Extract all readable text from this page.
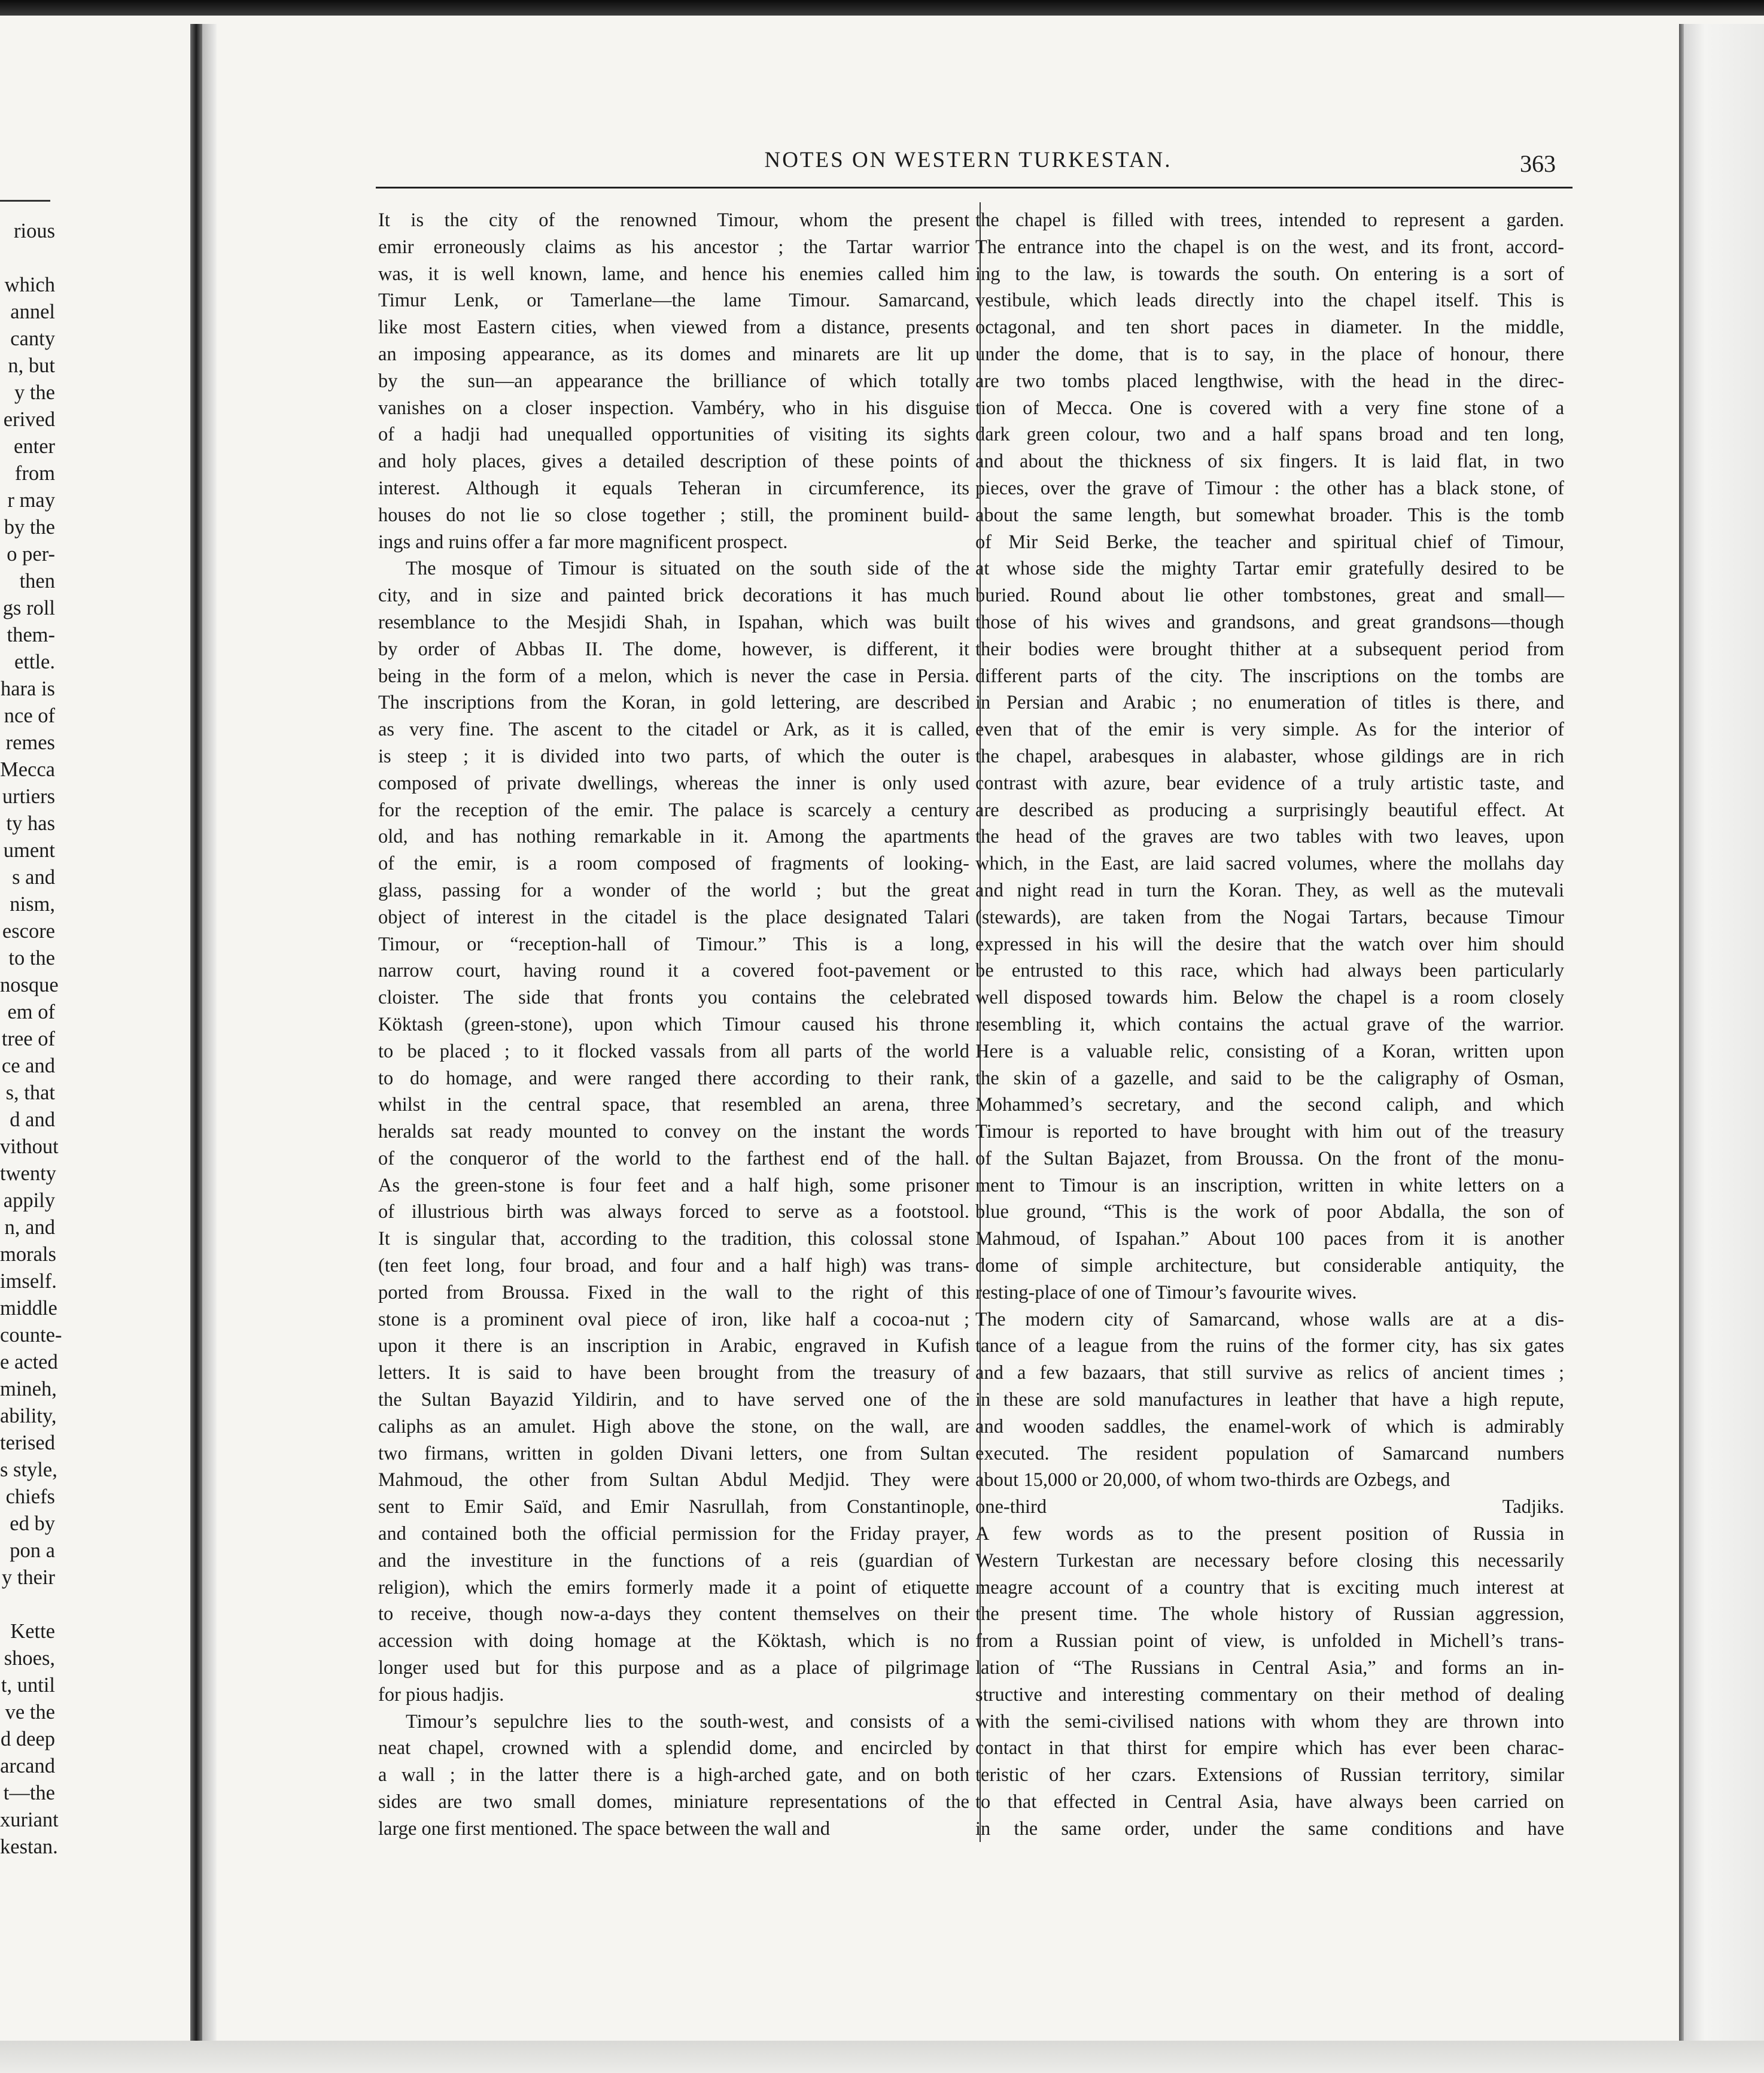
rious
which
annel
canty
n, but
y the
erived
enter
from
r may
by the
o per-
then
gs roll
them-
ettle.
hara is
nce of
remes
Mecca
urtiers
ty has
ument
s and
nism,
escore
to the
nosque
em of
tree of
ce and
s, that
d and
vithout
twenty
appily
n, and
morals
imself.
middle
counte-
e acted
mineh,
ability,
terised
s style,
chiefs
ed by
pon a
y their
Kette
shoes,
t, until
ve the
d deep
arcand
t—the
xuriant
kestan.
NOTES ON WESTERN TURKESTAN.	363
It is the city of the renowned Timour, whom the present
emir erroneously claims as his ancestor ; the Tartar warrior
was, it is well known, lame, and hence his enemies called him
Timur Lenk, or Tamerlane—the lame Timour. Samarcand,
like most Eastern cities, when viewed from a distance, presents
an imposing appearance, as its domes and minarets are lit up
by the sun—an appearance the brilliance of which totally
vanishes on a closer inspection. Vambéry, who in his disguise
of a hadji had unequalled opportunities of visiting its sights
and holy places, gives a detailed description of these points of
interest. Although it equals Teheran in circumference, its
houses do not lie so close together ; still, the prominent build-
ings and ruins offer a far more magnificent prospect.
The mosque of Timour is situated on the south side of the
city, and in size and painted brick decorations it has much
resemblance to the Mesjidi Shah, in Ispahan, which was built
by order of Abbas II. The dome, however, is different, it
being in the form of a melon, which is never the case in Persia.
The inscriptions from the Koran, in gold lettering, are described
as very fine. The ascent to the citadel or Ark, as it is called,
is steep ; it is divided into two parts, of which the outer is
composed of private dwellings, whereas the inner is only used
for the reception of the emir. The palace is scarcely a century
old, and has nothing remarkable in it. Among the apartments
of the emir, is a room composed of fragments of looking-
glass, passing for a wonder of the world ; but the great
object of interest in the citadel is the place designated Talari
Timour, or “reception-hall of Timour.” This is a long,
narrow court, having round it a covered foot-pavement or
cloister. The side that fronts you contains the celebrated
Köktash (green-stone), upon which Timour caused his throne
to be placed ; to it flocked vassals from all parts of the world
to do homage, and were ranged there according to their rank,
whilst in the central space, that resembled an arena, three
heralds sat ready mounted to convey on the instant the words
of the conqueror of the world to the farthest end of the hall.
As the green-stone is four feet and a half high, some prisoner
of illustrious birth was always forced to serve as a footstool.
It is singular that, according to the tradition, this colossal stone
(ten feet long, four broad, and four and a half high) was trans-
ported from Broussa. Fixed in the wall to the right of this
stone is a prominent oval piece of iron, like half a cocoa-nut ;
upon it there is an inscription in Arabic, engraved in Kufish
letters. It is said to have been brought from the treasury of
the Sultan Bayazid Yildirin, and to have served one of the
caliphs as an amulet. High above the stone, on the wall, are
two firmans, written in golden Divani letters, one from Sultan
Mahmoud, the other from Sultan Abdul Medjid. They were
sent to Emir Saïd, and Emir Nasrullah, from Constantinople,
and contained both the official permission for the Friday prayer,
and the investiture in the functions of a reis (guardian of
religion), which the emirs formerly made it a point of etiquette
to receive, though now-a-days they content themselves on their
accession with doing homage at the Köktash, which is no
longer used but for this purpose and as a place of pilgrimage
for pious hadjis.
Timour’s sepulchre lies to the south-west, and consists of a
neat chapel, crowned with a splendid dome, and encircled by
a wall ; in the latter there is a high-arched gate, and on both
sides are two small domes, miniature representations of the
large one first mentioned. The space between the wall and
the chapel is filled with trees, intended to represent a garden.
The entrance into the chapel is on the west, and its front, accord-
ing to the law, is towards the south. On entering is a sort of
vestibule, which leads directly into the chapel itself. This is
octagonal, and ten short paces in diameter. In the middle,
under the dome, that is to say, in the place of honour, there
are two tombs placed lengthwise, with the head in the direc-
tion of Mecca. One is covered with a very fine stone of a
dark green colour, two and a half spans broad and ten long,
and about the thickness of six fingers. It is laid flat, in two
pieces, over the grave of Timour : the other has a black stone, of
about the same length, but somewhat broader. This is the tomb
of Mir Seid Berke, the teacher and spiritual chief of Timour,
at whose side the mighty Tartar emir gratefully desired to be
buried. Round about lie other tombstones, great and small—
those of his wives and grandsons, and great grandsons—though
their bodies were brought thither at a subsequent period from
different parts of the city. The inscriptions on the tombs are
in Persian and Arabic ; no enumeration of titles is there, and
even that of the emir is very simple. As for the interior of
the chapel, arabesques in alabaster, whose gildings are in rich
contrast with azure, bear evidence of a truly artistic taste, and
are described as producing a surprisingly beautiful effect. At
the head of the graves are two tables with two leaves, upon
which, in the East, are laid sacred volumes, where the mollahs day
and night read in turn the Koran. They, as well as the mutevali
(stewards), are taken from the Nogai Tartars, because Timour
expressed in his will the desire that the watch over him should
be entrusted to this race, which had always been particularly
well disposed towards him. Below the chapel is a room closely
resembling it, which contains the actual grave of the warrior.
Here is a valuable relic, consisting of a Koran, written upon
the skin of a gazelle, and said to be the caligraphy of Osman,
Mohammed’s secretary, and the second caliph, and which
Timour is reported to have brought with him out of the treasury
of the Sultan Bajazet, from Broussa. On the front of the monu-
ment to Timour is an inscription, written in white letters on a
blue ground, “This is the work of poor Abdalla, the son of
Mahmoud, of Ispahan.” About 100 paces from it is another
dome of simple architecture, but considerable antiquity, the
resting-place of one of Timour’s favourite wives.
The modern city of Samarcand, whose walls are at a dis-
tance of a league from the ruins of the former city, has six gates
and a few bazaars, that still survive as relics of ancient times ;
in these are sold manufactures in leather that have a high repute,
and wooden saddles, the enamel-work of which is admirably
executed. The resident population of Samarcand numbers
about 15,000 or 20,000, of whom two-thirds are Ozbegs, and
one-third Tadjiks.
A few words as to the present position of Russia in
Western Turkestan are necessary before closing this necessarily
meagre account of a country that is exciting much interest at
the present time. The whole history of Russian aggression,
from a Russian point of view, is unfolded in Michell’s trans-
lation of “The Russians in Central Asia,” and forms an in-
structive and interesting commentary on their method of dealing
with the semi-civilised nations with whom they are thrown into
contact in that thirst for empire which has ever been charac-
teristic of her czars. Extensions of Russian territory, similar
to that effected in Central Asia, have always been carried on
in the same order, under the same conditions and have
